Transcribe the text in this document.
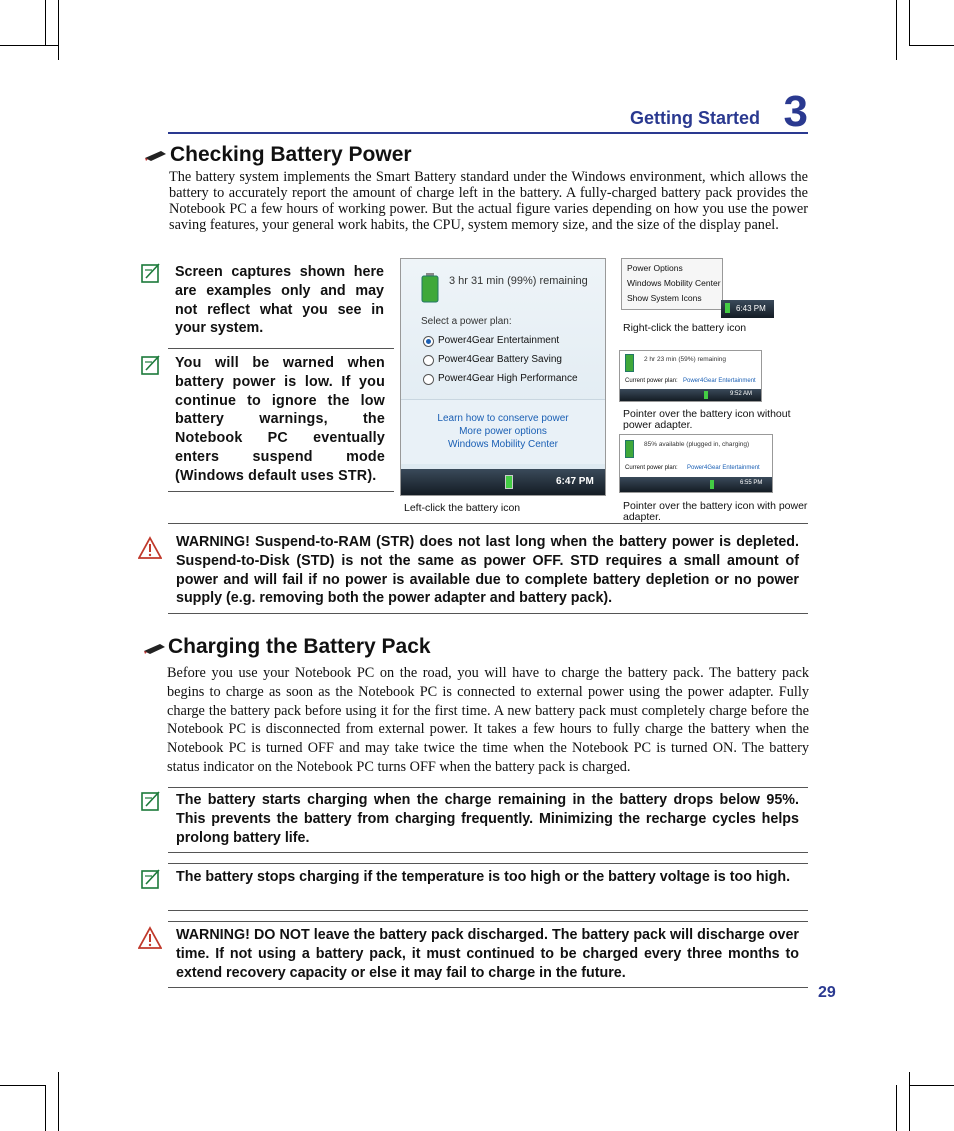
Getting Started 3
Checking Battery Power
The battery system implements the Smart Battery standard under the Windows environment, which allows the battery to accurately report the amount of charge left in the battery. A fully-charged battery pack provides the Notebook PC a few hours of working power. But the actual figure varies depending on how you use the power saving features, your general work habits, the CPU, system memory size, and the size of the display panel.
Screen captures shown here are examples only and may not reflect what you see in your system.
You will be warned when battery power is low. If you continue to ignore the low battery warnings, the Notebook PC eventually enters suspend mode (Windows default uses STR).
3 hr 31 min (99%) remaining
Select a power plan:
Power4Gear Entertainment
Power4Gear Battery Saving
Power4Gear High Performance
Learn how to conserve power
More power options
Windows Mobility Center
6:47 PM
Left-click the battery icon
Power Options
Windows Mobility Center
Show System Icons
6:43 PM
Right-click the battery icon
2 hr 23 min (59%) remaining
Current power plan: Power4Gear Entertainment
9:52 AM
Pointer over the battery icon without power adapter.
85% available (plugged in, charging)
Current power plan: Power4Gear Entertainment
6:55 PM
Pointer over the battery icon with power adapter.
WARNING! Suspend-to-RAM (STR) does not last long when the battery power is depleted. Suspend-to-Disk (STD) is not the same as power OFF. STD requires a small amount of power and will fail if no power is available due to complete battery depletion or no power supply (e.g. removing both the power adapter and battery pack).
Charging the Battery Pack
Before you use your Notebook PC on the road, you will have to charge the battery pack. The battery pack begins to charge as soon as the Notebook PC is connected to external power using the power adapter. Fully charge the battery pack before using it for the first time. A new battery pack must completely charge before the Notebook PC is disconnected from external power. It takes a few hours to fully charge the battery when the Notebook PC is turned OFF and may take twice the time when the Notebook PC is turned ON. The battery status indicator on the Notebook PC turns OFF when the battery pack is charged.
The battery starts charging when the charge remaining in the battery drops below 95%. This prevents the battery from charging frequently. Minimizing the recharge cycles helps prolong battery life.
The battery stops charging if the temperature is too high or the battery voltage is too high.
WARNING! DO NOT leave the battery pack discharged. The battery pack will discharge over time. If not using a battery pack, it must continued to be charged every three months to extend recovery capacity or else it may fail to charge in the future.
29
